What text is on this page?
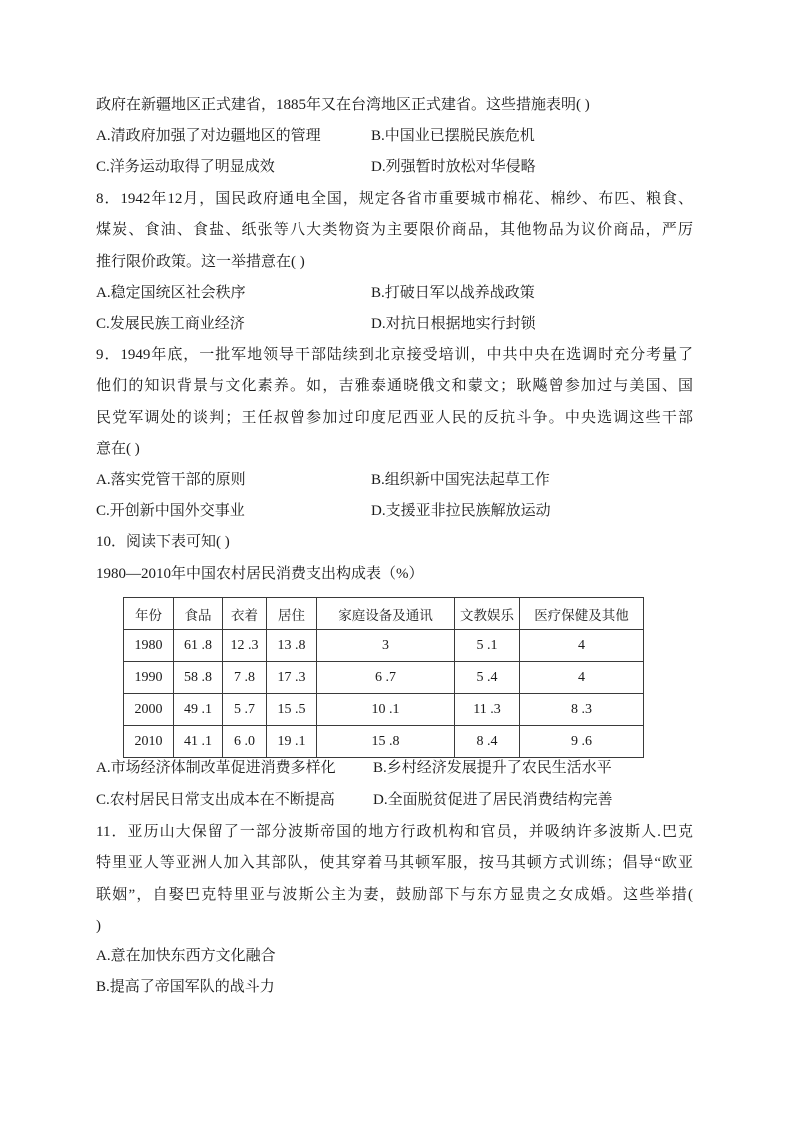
政府在新疆地区正式建省，1885年又在台湾地区正式建省。这些措施表明( )
A.清政府加强了对边疆地区的管理	B.中国业已摆脱民族危机
C.洋务运动取得了明显成效	D.列强暂时放松对华侵略
8．1942年12月，国民政府通电全国，规定各省市重要城市棉花、棉纱、布匹、粮食、
煤炭、食油、食盐、纸张等八大类物资为主要限价商品，其他物品为议价商品，严厉
推行限价政策。这一举措意在( )
A.稳定国统区社会秩序	B.打破日军以战养战政策
C.发展民族工商业经济	D.对抗日根据地实行封锁
9．1949年底，一批军地领导干部陆续到北京接受培训，中共中央在选调时充分考量了
他们的知识背景与文化素养。如，吉雅泰通晓俄文和蒙文；耿飚曾参加过与美国、国
民党军调处的谈判；王任叔曾参加过印度尼西亚人民的反抗斗争。中央选调这些干部
意在( )
A.落实党管干部的原则	B.组织新中国宪法起草工作
C.开创新中国外交事业	D.支援亚非拉民族解放运动
10．阅读下表可知( )
1980—2010年中国农村居民消费支出构成表（%）
年份	食品	衣着	居住	家庭设备及通讯	文教娱乐	医疗保健及其他
1980	61 .8	12 .3	13 .8	3	5 .1	4
1990	58 .8	7 .8	17 .3	6 .7	5 .4	4
2000	49 .1	5 .7	15 .5	10 .1	11 .3	8 .3
2010	41 .1	6 .0	19 .1	15 .8	8 .4	9 .6
A.市场经济体制改革促进消费多样化 B.乡村经济发展提升了农民生活水平
C.农村居民日常支出成本在不断提高	D.全面脱贫促进了居民消费结构完善
11．亚历山大保留了一部分波斯帝国的地方行政机构和官员，并吸纳许多波斯人.巴克
特里亚人等亚洲人加入其部队，使其穿着马其顿军服，按马其顿方式训练；倡导“欧亚
联姻”，自娶巴克特里亚与波斯公主为妻，鼓励部下与东方显贵之女成婚。这些举措(
)
A.意在加快东西方文化融合
B.提高了帝国军队的战斗力
